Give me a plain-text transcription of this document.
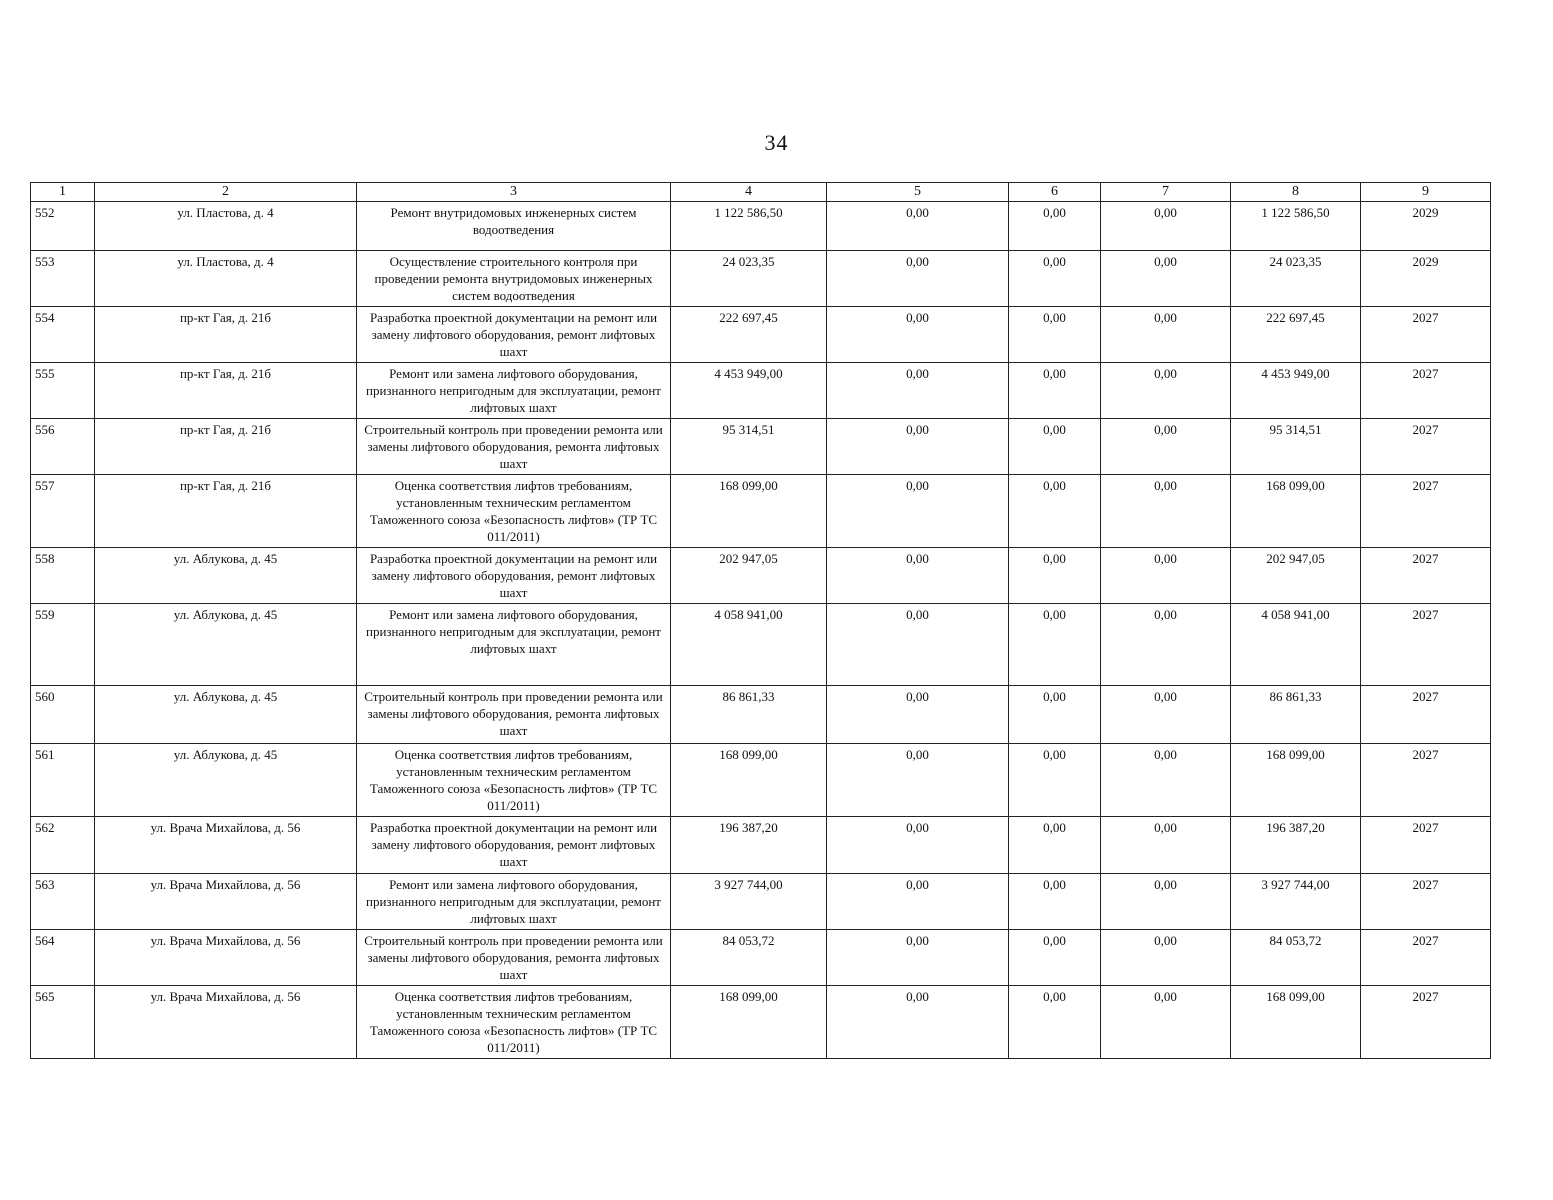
34
1	2	3	4	5	6	7	8	9
552	ул. Пластова, д. 4	Ремонт внутридомовых инженерных систем водоотведения	1 122 586,50	0,00	0,00	0,00	1 122 586,50	2029
553	ул. Пластова, д. 4	Осуществление строительного контроля при проведении ремонта внутридомовых инженерных систем водоотведения	24 023,35	0,00	0,00	0,00	24 023,35	2029
554	пр-кт Гая, д. 21б	Разработка проектной документации на ремонт или замену лифтового оборудования, ремонт лифтовых шахт	222 697,45	0,00	0,00	0,00	222 697,45	2027
555	пр-кт Гая, д. 21б	Ремонт или замена лифтового оборудования, признанного непригодным для эксплуатации, ремонт лифтовых шахт	4 453 949,00	0,00	0,00	0,00	4 453 949,00	2027
556	пр-кт Гая, д. 21б	Строительный контроль при проведении ремонта или замены лифтового оборудования, ремонта лифтовых шахт	95 314,51	0,00	0,00	0,00	95 314,51	2027
557	пр-кт Гая, д. 21б	Оценка соответствия лифтов требованиям, установленным техническим регламентом Таможенного союза «Безопасность лифтов» (ТР ТС 011/2011)	168 099,00	0,00	0,00	0,00	168 099,00	2027
558	ул. Аблукова, д. 45	Разработка проектной документации на ремонт или замену лифтового оборудования, ремонт лифтовых шахт	202 947,05	0,00	0,00	0,00	202 947,05	2027
559	ул. Аблукова, д. 45	Ремонт или замена лифтового оборудования, признанного непригодным для эксплуатации, ремонт лифтовых шахт	4 058 941,00	0,00	0,00	0,00	4 058 941,00	2027
560	ул. Аблукова, д. 45	Строительный контроль при проведении ремонта или замены лифтового оборудования, ремонта лифтовых шахт	86 861,33	0,00	0,00	0,00	86 861,33	2027
561	ул. Аблукова, д. 45	Оценка соответствия лифтов требованиям, установленным техническим регламентом Таможенного союза «Безопасность лифтов» (ТР ТС 011/2011)	168 099,00	0,00	0,00	0,00	168 099,00	2027
562	ул. Врача Михайлова, д. 56	Разработка проектной документации на ремонт или замену лифтового оборудования, ремонт лифтовых шахт	196 387,20	0,00	0,00	0,00	196 387,20	2027
563	ул. Врача Михайлова, д. 56	Ремонт или замена лифтового оборудования, признанного непригодным для эксплуатации, ремонт лифтовых шахт	3 927 744,00	0,00	0,00	0,00	3 927 744,00	2027
564	ул. Врача Михайлова, д. 56	Строительный контроль при проведении ремонта или замены лифтового оборудования, ремонта лифтовых шахт	84 053,72	0,00	0,00	0,00	84 053,72	2027
565	ул. Врача Михайлова, д. 56	Оценка соответствия лифтов требованиям, установленным техническим регламентом Таможенного союза «Безопасность лифтов» (ТР ТС 011/2011)	168 099,00	0,00	0,00	0,00	168 099,00	2027
